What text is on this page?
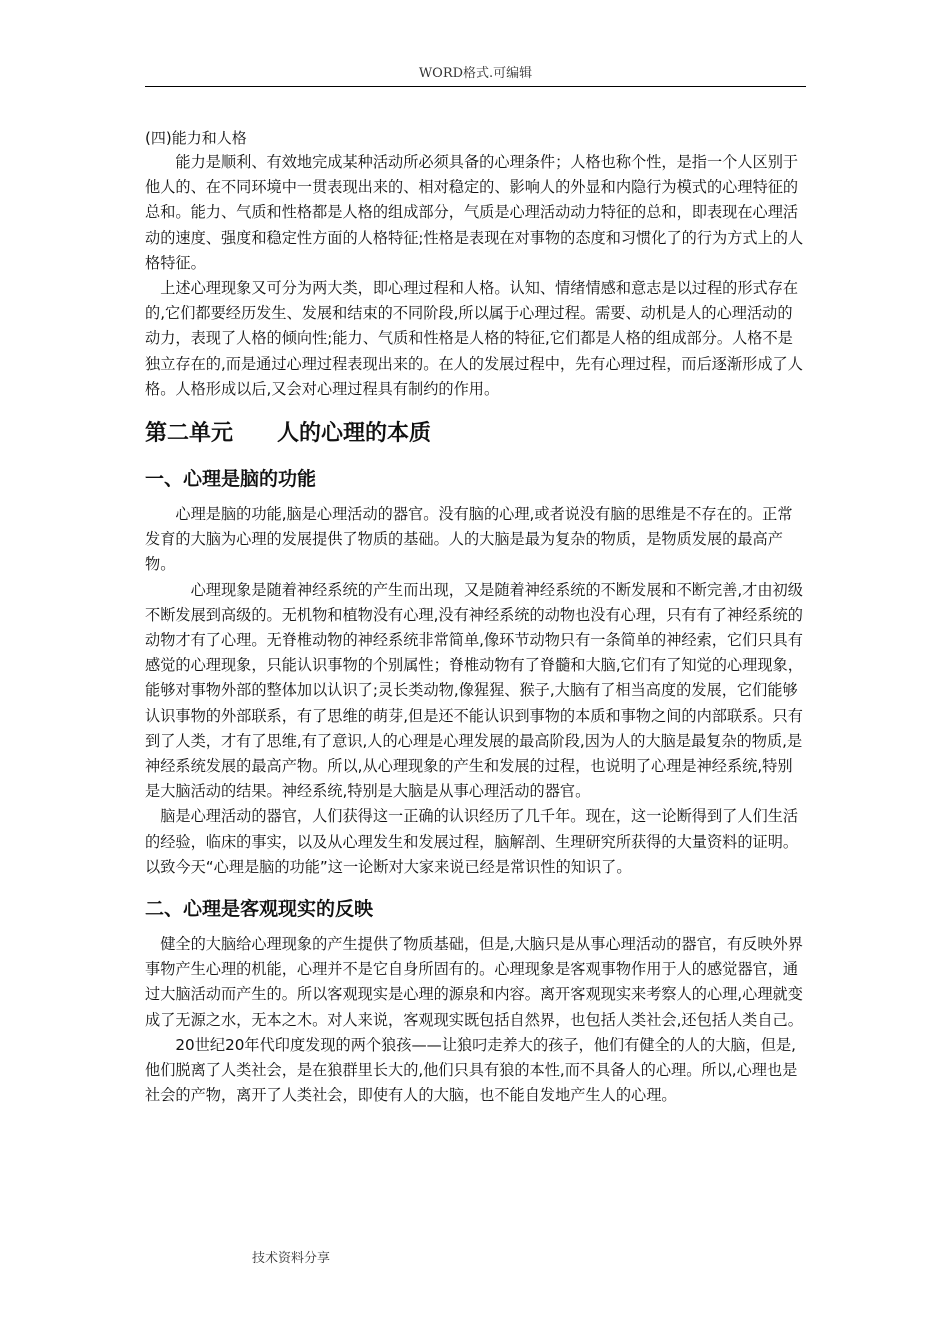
WORD格式.可编辑

(四)能力和人格

　　能力是顺利、有效地完成某种活动所必须具备的心理条件；人格也称个性，是指一个人区别于他人的、在不同环境中一贯表现出来的、相对稳定的、影响人的外显和内隐行为模式的心理特征的总和。能力、气质和性格都是人格的组成部分，气质是心理活动动力特征的总和，即表现在心理活动的速度、强度和稳定性方面的人格特征;性格是表现在对事物的态度和习惯化了的行为方式上的人格特征。

　上述心理现象又可分为两大类，即心理过程和人格。认知、情绪情感和意志是以过程的形式存在的,它们都要经历发生、发展和结束的不同阶段,所以属于心理过程。需要、动机是人的心理活动的动力，表现了人格的倾向性;能力、气质和性格是人格的特征,它们都是人格的组成部分。人格不是独立存在的,而是通过心理过程表现出来的。在人的发展过程中，先有心理过程，而后逐渐形成了人格。人格形成以后,又会对心理过程具有制约的作用。

第二单元　　人的心理的本质
一、心理是脑的功能

　　心理是脑的功能,脑是心理活动的器官。没有脑的心理,或者说没有脑的思维是不存在的。正常发育的大脑为心理的发展提供了物质的基础。人的大脑是最为复杂的物质，是物质发展的最高产物。

　　　心理现象是随着神经系统的产生而出现，又是随着神经系统的不断发展和不断完善,才由初级不断发展到高级的。无机物和植物没有心理,没有神经系统的动物也没有心理，只有有了神经系统的动物才有了心理。无脊椎动物的神经系统非常简单,像环节动物只有一条简单的神经索，它们只具有感觉的心理现象，只能认识事物的个别属性；脊椎动物有了脊髓和大脑,它们有了知觉的心理现象，能够对事物外部的整体加以认识了;灵长类动物,像猩猩、猴子,大脑有了相当高度的发展，它们能够认识事物的外部联系，有了思维的萌芽,但是还不能认识到事物的本质和事物之间的内部联系。只有到了人类，才有了思维,有了意识,人的心理是心理发展的最高阶段,因为人的大脑是最复杂的物质,是神经系统发展的最高产物。所以,从心理现象的产生和发展的过程，也说明了心理是神经系统,特别是大脑活动的结果。神经系统,特别是大脑是从事心理活动的器官。

　脑是心理活动的器官，人们获得这一正确的认识经历了几千年。现在，这一论断得到了人们生活的经验，临床的事实，以及从心理发生和发展过程，脑解剖、生理研究所获得的大量资料的证明。以致今天“心理是脑的功能”这一论断对大家来说已经是常识性的知识了。

二、心理是客观现实的反映

　健全的大脑给心理现象的产生提供了物质基础，但是,大脑只是从事心理活动的器官，有反映外界事物产生心理的机能，心理并不是它自身所固有的。心理现象是客观事物作用于人的感觉器官，通过大脑活动而产生的。所以客观现实是心理的源泉和内容。离开客观现实来考察人的心理,心理就变成了无源之水，无本之木。对人来说，客观现实既包括自然界，也包括人类社会,还包括人类自己。

　　20世纪20年代印度发现的两个狼孩——让狼叼走养大的孩子，他们有健全的人的大脑，但是,他们脱离了人类社会，是在狼群里长大的,他们只具有狼的本性,而不具备人的心理。所以,心理也是社会的产物，离开了人类社会，即使有人的大脑，也不能自发地产生人的心理。

技术资料分享
